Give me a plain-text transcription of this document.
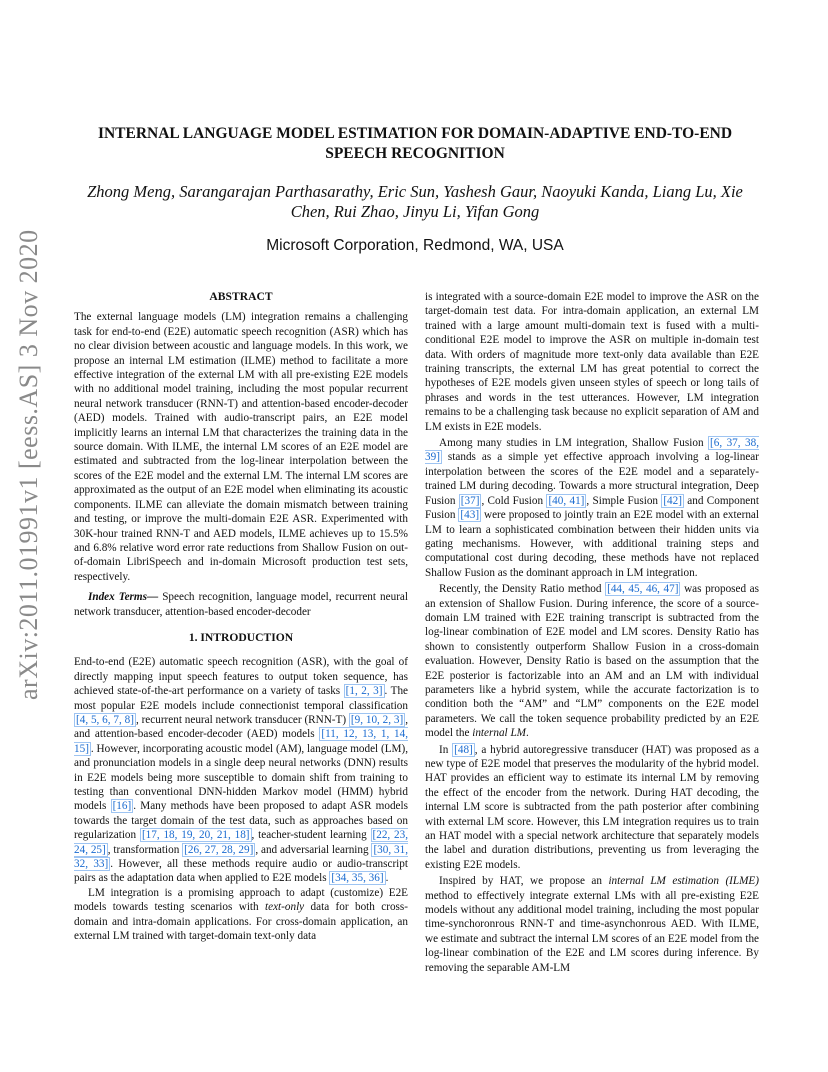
arXiv:2011.01991v1 [eess.AS] 3 Nov 2020
INTERNAL LANGUAGE MODEL ESTIMATION FOR DOMAIN-ADAPTIVE END-TO-END SPEECH RECOGNITION
Zhong Meng, Sarangarajan Parthasarathy, Eric Sun, Yashesh Gaur, Naoyuki Kanda, Liang Lu, Xie Chen, Rui Zhao, Jinyu Li, Yifan Gong
Microsoft Corporation, Redmond, WA, USA
ABSTRACT

The external language models (LM) integration remains a challenging task for end-to-end (E2E) automatic speech recognition (ASR) which has no clear division between acoustic and language models. In this work, we propose an internal LM estimation (ILME) method to facilitate a more effective integration of the external LM with all pre-existing E2E models with no additional model training, including the most popular recurrent neural network transducer (RNN-T) and attention-based encoder-decoder (AED) models. Trained with audio-transcript pairs, an E2E model implicitly learns an internal LM that characterizes the training data in the source domain. With ILME, the internal LM scores of an E2E model are estimated and subtracted from the log-linear interpolation between the scores of the E2E model and the external LM. The internal LM scores are approximated as the output of an E2E model when eliminating its acoustic components. ILME can alleviate the domain mismatch between training and testing, or improve the multi-domain E2E ASR. Experimented with 30K-hour trained RNN-T and AED models, ILME achieves up to 15.5% and 6.8% relative word error rate reductions from Shallow Fusion on out-of-domain LibriSpeech and in-domain Microsoft production test sets, respectively.

Index Terms— Speech recognition, language model, recurrent neural network transducer, attention-based encoder-decoder

1. INTRODUCTION

End-to-end (E2E) automatic speech recognition (ASR), with the goal of directly mapping input speech features to output token sequence, has achieved state-of-the-art performance on a variety of tasks [1, 2, 3] . The most popular E2E models include connectionist temporal classification [4, 5, 6, 7, 8] , recurrent neural network transducer (RNN-T) [9, 10, 2, 3] , and attention-based encoder-decoder (AED) models [11, 12, 13, 1, 14, 15] . However, incorporating acoustic model (AM), language model (LM), and pronunciation models in a single deep neural networks (DNN) results in E2E models being more susceptible to domain shift from training to testing than conventional DNN-hidden Markov model (HMM) hybrid models [16] . Many methods have been proposed to adapt ASR models towards the target domain of the test data, such as approaches based on regularization [17, 18, 19, 20, 21, 18] , teacher-student learning [22, 23, 24, 25] , transformation [26, 27, 28, 29] , and adversarial learning [30, 31, 32, 33] . However, all these methods require audio or audio-transcript pairs as the adaptation data when applied to E2E models [34, 35, 36] .

LM integration is a promising approach to adapt (customize) E2E models towards testing scenarios with text-only data for both cross-domain and intra-domain applications. For cross-domain application, an external LM trained with target-domain text-only data

is integrated with a source-domain E2E model to improve the ASR on the target-domain test data. For intra-domain application, an external LM trained with a large amount multi-domain text is fused with a multi-conditional E2E model to improve the ASR on multiple in-domain test data. With orders of magnitude more text-only data available than E2E training transcripts, the external LM has great potential to correct the hypotheses of E2E models given unseen styles of speech or long tails of phrases and words in the test utterances. However, LM integration remains to be a challenging task because no explicit separation of AM and LM exists in E2E models.

Among many studies in LM integration, Shallow Fusion [6, 37, 38, 39] stands as a simple yet effective approach involving a log-linear interpolation between the scores of the E2E model and a separately-trained LM during decoding. Towards a more structural integration, Deep Fusion [37] , Cold Fusion [40, 41] , Simple Fusion [42] and Component Fusion [43] were proposed to jointly train an E2E model with an external LM to learn a sophisticated combination between their hidden units via gating mechanisms. However, with additional training steps and computational cost during decoding, these methods have not replaced Shallow Fusion as the dominant approach in LM integration.

Recently, the Density Ratio method [44, 45, 46, 47] was proposed as an extension of Shallow Fusion. During inference, the score of a source-domain LM trained with E2E training transcript is subtracted from the log-linear combination of E2E model and LM scores. Density Ratio has shown to consistently outperform Shallow Fusion in a cross-domain evaluation. However, Density Ratio is based on the assumption that the E2E posterior is factorizable into an AM and an LM with individual parameters like a hybrid system, while the accurate factorization is to condition both the “AM” and “LM” components on the E2E model parameters. We call the token sequence probability predicted by an E2E model the internal LM.

In [48] , a hybrid autoregressive transducer (HAT) was proposed as a new type of E2E model that preserves the modularity of the hybrid model. HAT provides an efficient way to estimate its internal LM by removing the effect of the encoder from the network. During HAT decoding, the internal LM score is subtracted from the path posterior after combining with external LM score. However, this LM integration requires us to train an HAT model with a special network architecture that separately models the label and duration distributions, preventing us from leveraging the existing E2E models.

Inspired by HAT, we propose an internal LM estimation (ILME) method to effectively integrate external LMs with all pre-existing E2E models without any additional model training, including the most popular time-synchoronrous RNN-T and time-asynchonrous AED. With ILME, we estimate and subtract the internal LM scores of an E2E model from the log-linear combination of the E2E and LM scores during inference. By removing the separable AM-LM
